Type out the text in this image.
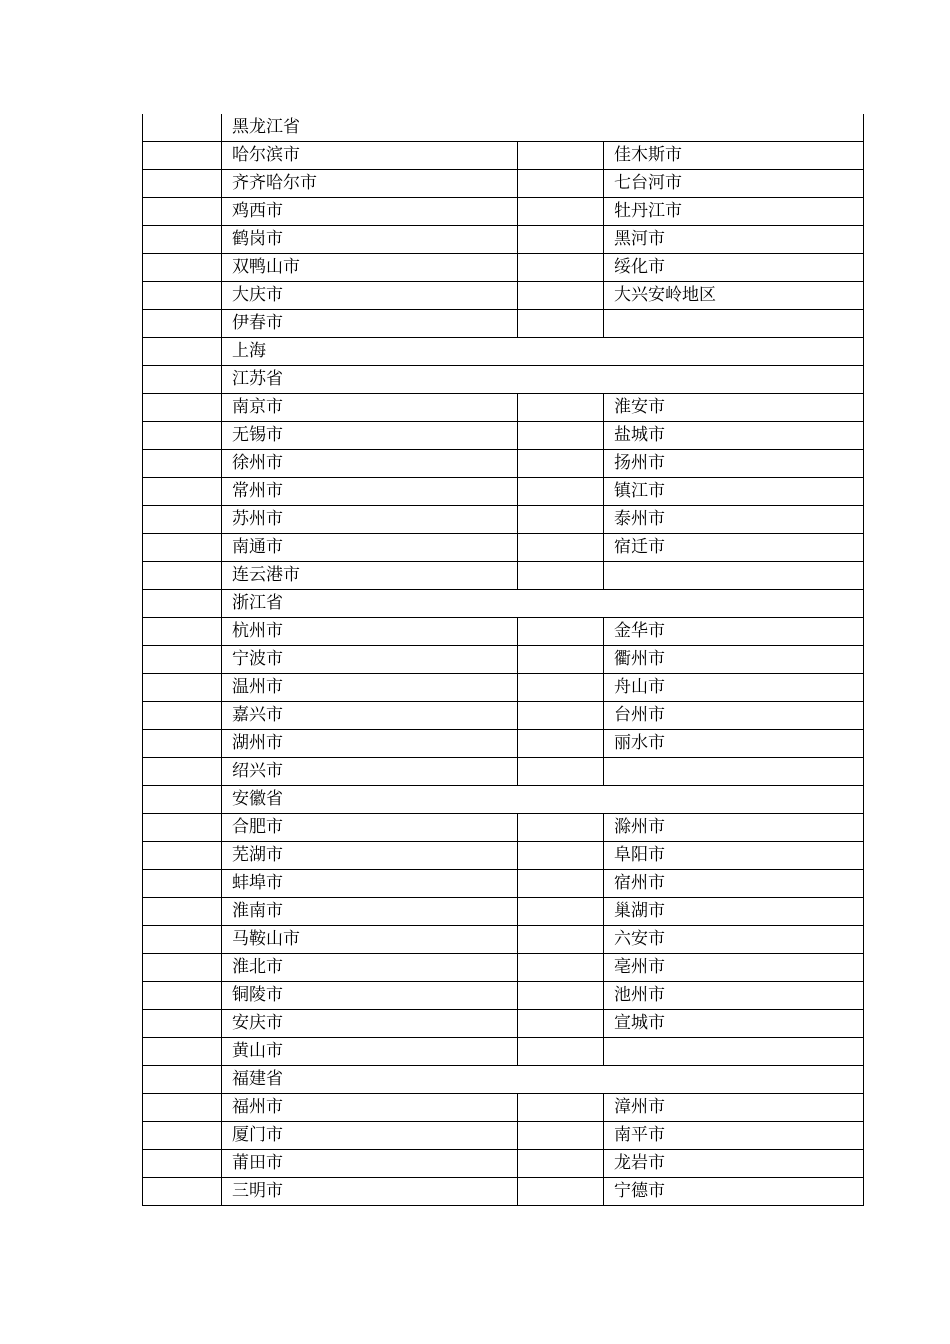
	黑龙江省		
	哈尔滨市		佳木斯市
	齐齐哈尔市		七台河市
	鸡西市		牡丹江市
	鹤岗市		黑河市
	双鸭山市		绥化市
	大庆市		大兴安岭地区
	伊春市		
	上海		
	江苏省		
	南京市		淮安市
	无锡市		盐城市
	徐州市		扬州市
	常州市		镇江市
	苏州市		泰州市
	南通市		宿迁市
	连云港市		
	浙江省		
	杭州市		金华市
	宁波市		衢州市
	温州市		舟山市
	嘉兴市		台州市
	湖州市		丽水市
	绍兴市		
	安徽省		
	合肥市		滁州市
	芜湖市		阜阳市
	蚌埠市		宿州市
	淮南市		巢湖市
	马鞍山市		六安市
	淮北市		亳州市
	铜陵市		池州市
	安庆市		宣城市
	黄山市		
	福建省		
	福州市		漳州市
	厦门市		南平市
	莆田市		龙岩市
	三明市		宁德市
